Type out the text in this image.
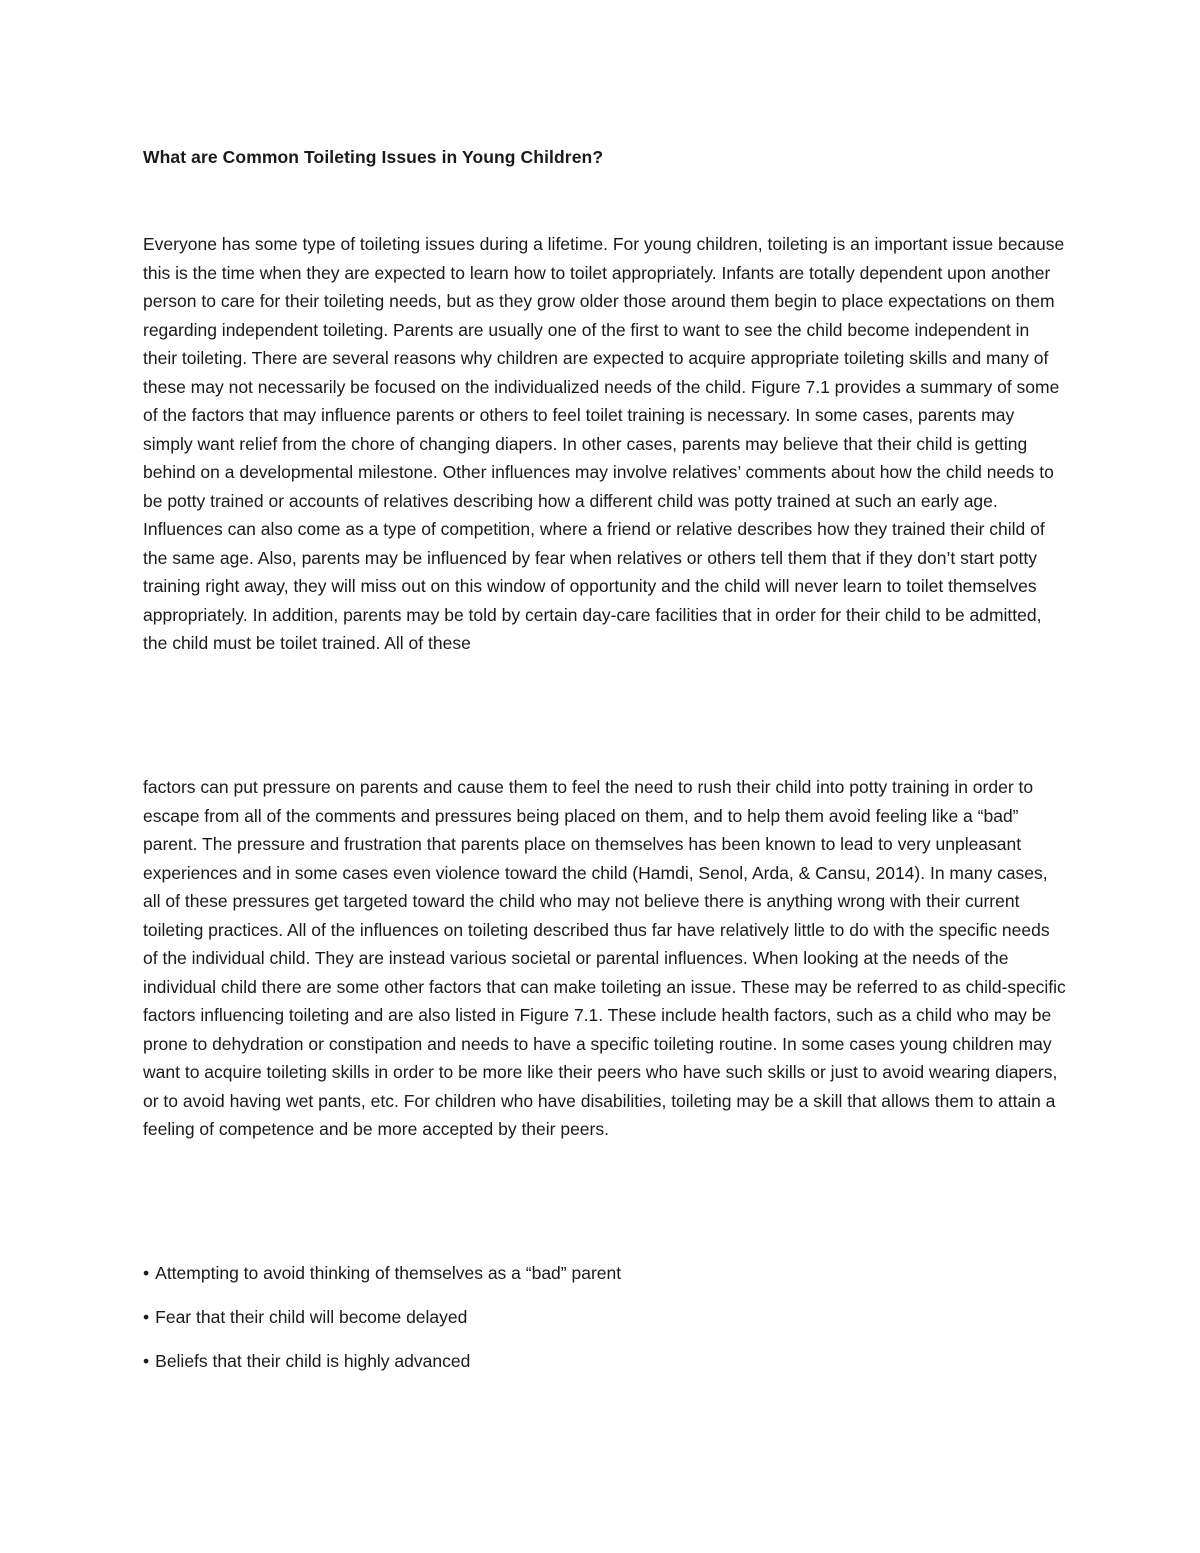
What are Common Toileting Issues in Young Children?

Everyone has some type of toileting issues during a lifetime. For young children, toileting is an important issue because this is the time when they are expected to learn how to toilet appropriately. Infants are totally dependent upon another person to care for their toileting needs, but as they grow older those around them begin to place expectations on them regarding independent toileting. Parents are usually one of the first to want to see the child become independent in their toileting. There are several reasons why children are expected to acquire appropriate toileting skills and many of these may not necessarily be focused on the individualized needs of the child. Figure 7.1 provides a summary of some of the factors that may influence parents or others to feel toilet training is necessary. In some cases, parents may simply want relief from the chore of changing diapers. In other cases, parents may believe that their child is getting behind on a developmental milestone. Other influences may involve relatives’ comments about how the child needs to be potty trained or accounts of relatives describing how a different child was potty trained at such an early age. Influences can also come as a type of competition, where a friend or relative describes how they trained their child of the same age. Also, parents may be influenced by fear when relatives or others tell them that if they don’t start potty training right away, they will miss out on this window of opportunity and the child will never learn to toilet themselves appropriately. In addition, parents may be told by certain day-care facilities that in order for their child to be admitted, the child must be toilet trained. All of these

factors can put pressure on parents and cause them to feel the need to rush their child into potty training in order to escape from all of the comments and pressures being placed on them, and to help them avoid feeling like a “bad” parent. The pressure and frustration that parents place on themselves has been known to lead to very unpleasant experiences and in some cases even violence toward the child (Hamdi, Senol, Arda, & Cansu, 2014). In many cases, all of these pressures get targeted toward the child who may not believe there is anything wrong with their current toileting practices. All of the influences on toileting described thus far have relatively little to do with the specific needs of the individual child. They are instead various societal or parental influences. When looking at the needs of the individual child there are some other factors that can make toileting an issue. These may be referred to as child-specific factors influencing toileting and are also listed in Figure 7.1. These include health factors, such as a child who may be prone to dehydration or constipation and needs to have a specific toileting routine. In some cases young children may want to acquire toileting skills in order to be more like their peers who have such skills or just to avoid wearing diapers, or to avoid having wet pants, etc. For children who have disabilities, toileting may be a skill that allows them to attain a feeling of competence and be more accepted by their peers.

• Attempting to avoid thinking of themselves as a “bad” parent
• Fear that their child will become delayed
• Beliefs that their child is highly advanced
